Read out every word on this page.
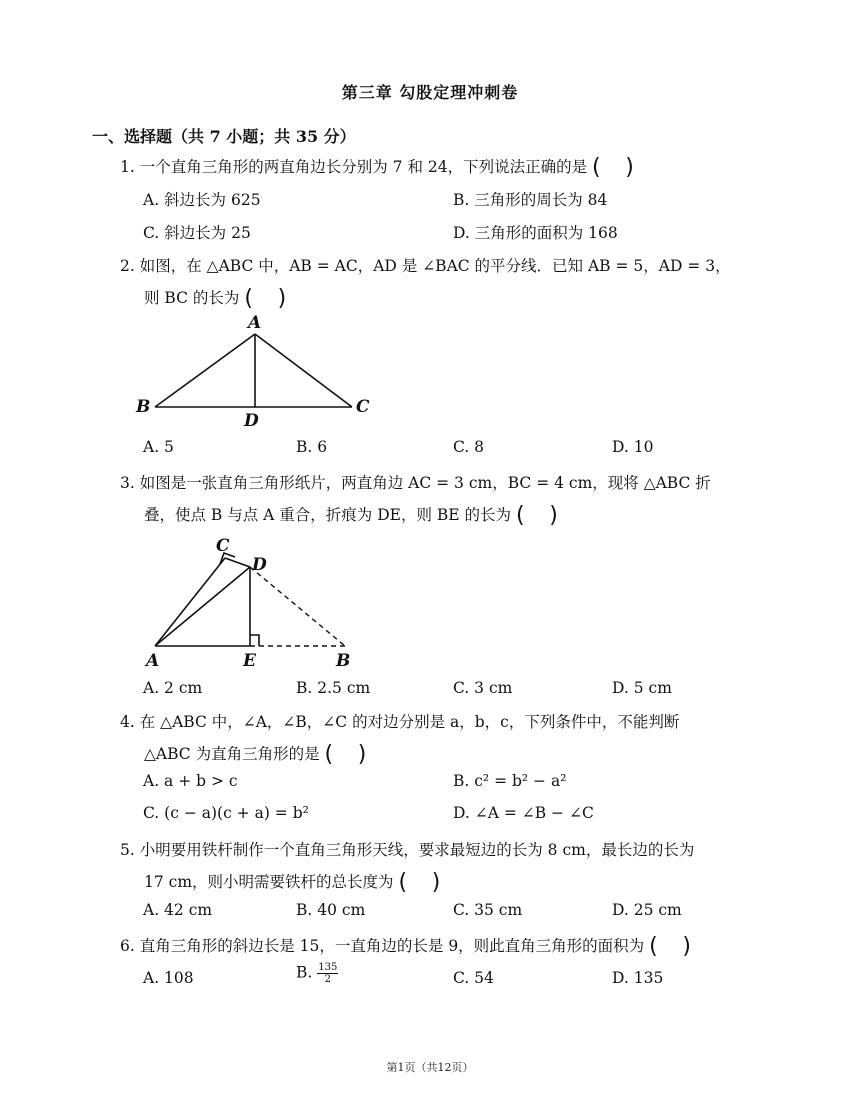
第三章 勾股定理冲刺卷
一、选择题（共 7 小题；共 35 分）
1. 一个直角三角形的两直角边长分别为 7 和 24，下列说法正确的是 ( )
A. 斜边长为 625	B. 三角形的周长为 84
C. 斜边长为 25	D. 三角形的面积为 168
2. 如图，在 △ABC 中，AB = AC，AD 是 ∠BAC 的平分线．已知 AB = 5，AD = 3，
则 BC 的长为 ( )
A
B	C
D
A. 5	B. 6	C. 8	D. 10
3. 如图是一张直角三角形纸片，两直角边 AC = 3 cm，BC = 4 cm，现将 △ABC 折
叠，使点 B 与点 A 重合，折痕为 DE，则 BE 的长为 ( )
C
D
A	E	B
A. 2 cm	B. 2.5 cm	C. 3 cm	D. 5 cm
4. 在 △ABC 中，∠A，∠B，∠C 的对边分别是 a，b，c，下列条件中，不能判断
△ABC 为直角三角形的是 ( )
A. a + b > c	B. c² = b² − a²
C. (c − a)(c + a) = b²	D. ∠A = ∠B − ∠C
5. 小明要用铁杆制作一个直角三角形天线，要求最短边的长为 8 cm，最长边的长为
17 cm，则小明需要铁杆的总长度为 ( )
A. 42 cm	B. 40 cm	C. 35 cm	D. 25 cm
6. 直角三角形的斜边长是 15，一直角边的长是 9，则此直角三角形的面积为 ( )
A. 108	B. $\frac{135}{2}$	C. 54	D. 135
第1页（共12页）
